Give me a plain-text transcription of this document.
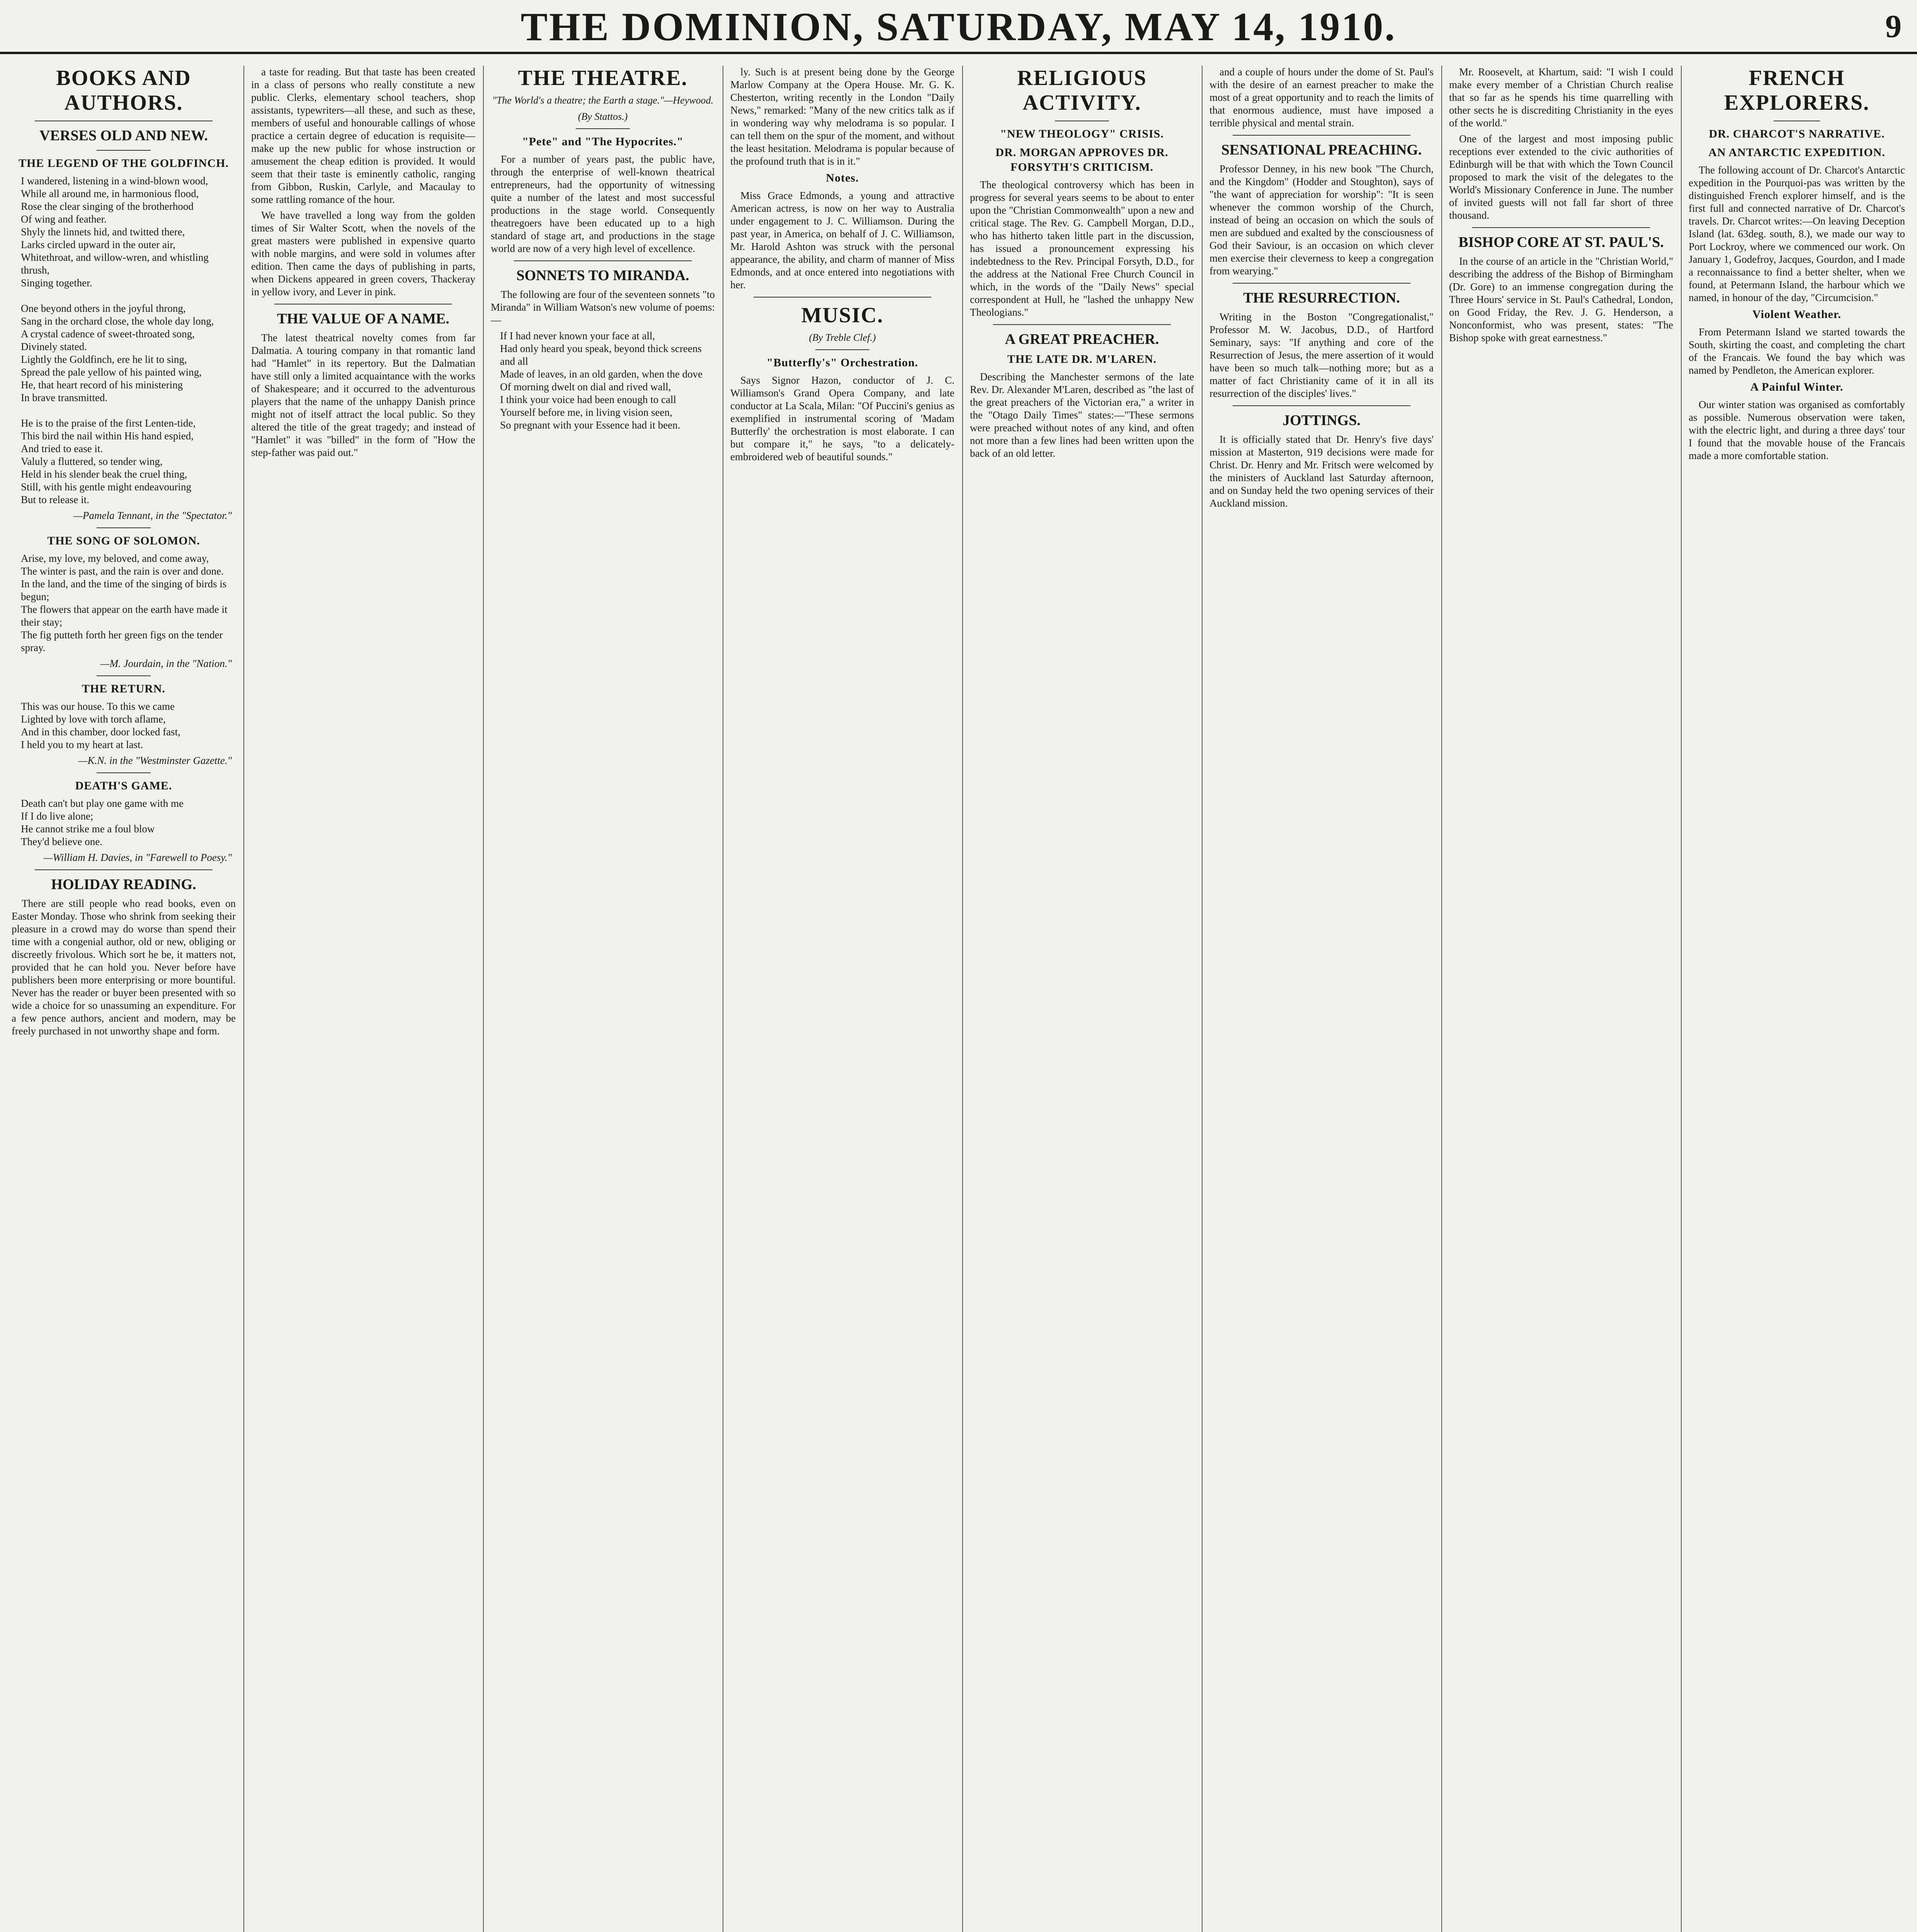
THE DOMINION, SATURDAY, MAY 14, 1910.	9
BOOKS AND AUTHORS.
VERSES OLD AND NEW.
THE LEGEND OF THE GOLDFINCH.
I wandered, listening in a wind-blown wood,
While all around me, in harmonious flood,
Rose the clear singing of the brotherhood
Of wing and feather.
Shyly the linnets hid, and twitted there,
Larks circled upward in the outer air,
Whitethroat, and willow-wren, and whistling thrush,
Singing together.

One beyond others in the joyful throng,
Sang in the orchard close, the whole day long,
A crystal cadence of sweet-throated song,
Divinely stated.
Lightly the Goldfinch, ere he lit to sing,
Spread the pale yellow of his painted wing,
He, that heart record of his ministering
In brave transmitted.

He is to the praise of the first Lenten-tide,
This bird the nail within His hand espied,
And tried to ease it.
Valuly a fluttered, so tender wing,
Held in his slender beak the cruel thing,
Still, with his gentle might endeavouring
But to release it.
—Pamela Tennant, in the "Spectator."
THE SONG OF SOLOMON.
Arise, my love, my beloved, and come away,
The winter is past, and the rain is over and done.
In the land, and the time of the singing of birds is begun;
The flowers that appear on the earth have made it their stay;
The fig putteth forth her green figs on the tender spray.
—M. Jourdain, in the "Nation."
THE RETURN.
This was our house. To this we came
Lighted by love with torch aflame,
And in this chamber, door locked fast,
I held you to my heart at last.
—K.N. in the "Westminster Gazette."
DEATH'S GAME.
Death can't but play one game with me
If I do live alone;
He cannot strike me a foul blow
They'd believe one.
—William H. Davies, in "Farewell to Poesy."
HOLIDAY READING.

There are still people who read books, even on Easter Monday. Those who shrink from seeking their pleasure in a crowd may do worse than spend their time with a congenial author, old or new, obliging or discreetly frivolous. Which sort he be, it matters not, provided that he can hold you. Never before have publishers been more enterprising or more bountiful. Never has the reader or buyer been presented with so wide a choice for so unassuming an expenditure. For a few pence authors, ancient and modern, may be freely purchased in not unworthy shape and form.

a taste for reading. But that taste has been created in a class of persons who really constitute a new public. Clerks, elementary school teachers, shop assistants, typewriters—all these, and such as these, members of useful and honourable callings of whose practice a certain degree of education is requisite—make up the new public for whose instruction or amusement the cheap edition is provided. It would seem that their taste is eminently catholic, ranging from Gibbon, Ruskin, Carlyle, and Macaulay to some rattling romance of the hour.

We have travelled a long way from the golden times of Sir Walter Scott, when the novels of the great masters were published in expensive quarto with noble margins, and were sold in volumes after edition. Then came the days of publishing in parts, when Dickens appeared in green covers, Thackeray in yellow ivory, and Lever in pink.

THE VALUE OF A NAME.

The latest theatrical novelty comes from far Dalmatia. A touring company in that romantic land had "Hamlet" in its repertory. But the Dalmatian have still only a limited acquaintance with the works of Shakespeare; and it occurred to the adventurous players that the name of the unhappy Danish prince might not of itself attract the local public. So they altered the title of the great tragedy; and instead of "Hamlet" it was "billed" in the form of "How the step-father was paid out."

THE THEATRE.
"The World's a theatre; the Earth a stage."—Heywood.
(By Stattos.)
"Pete" and "The Hypocrites."

For a number of years past, the public have, through the enterprise of well-known theatrical entrepreneurs, had the opportunity of witnessing quite a number of the latest and most successful productions in the stage world. Consequently theatregoers have been educated up to a high standard of stage art, and productions in the stage world are now of a very high level of excellence.

SONNETS TO MIRANDA.

The following are four of the seventeen sonnets "to Miranda" in William Watson's new volume of poems:—

If I had never known your face at all,
Had only heard you speak, beyond thick screens and all
Made of leaves, in an old garden, when the dove
Of morning dwelt on dial and rived wall,
I think your voice had been enough to call
Yourself before me, in living vision seen,
So pregnant with your Essence had it been.

ly. Such is at present being done by the George Marlow Company at the Opera House. Mr. G. K. Chesterton, writing recently in the London "Daily News," remarked: "Many of the new critics talk as if in wondering way why melodrama is so popular. I can tell them on the spur of the moment, and without the least hesitation. Melodrama is popular because of the profound truth that is in it."

Notes.

Miss Grace Edmonds, a young and attractive American actress, is now on her way to Australia under engagement to J. C. Williamson. During the past year, in America, on behalf of J. C. Williamson, Mr. Harold Ashton was struck with the personal appearance, the ability, and charm of manner of Miss Edmonds, and at once entered into negotiations with her.

MUSIC.
(By Treble Clef.)
"Butterfly's" Orchestration.

Says Signor Hazon, conductor of J. C. Williamson's Grand Opera Company, and late conductor at La Scala, Milan: "Of Puccini's genius as exemplified in instrumental scoring of 'Madam Butterfly' the orchestration is most elaborate. I can but compare it," he says, "to a delicately-embroidered web of beautiful sounds."

RELIGIOUS ACTIVITY.
"NEW THEOLOGY" CRISIS.
DR. MORGAN APPROVES DR. FORSYTH'S CRITICISM.

The theological controversy which has been in progress for several years seems to be about to enter upon the "Christian Commonwealth" upon a new and critical stage. The Rev. G. Campbell Morgan, D.D., who has hitherto taken little part in the discussion, has issued a pronouncement expressing his indebtedness to the Rev. Principal Forsyth, D.D., for the address at the National Free Church Council in which, in the words of the "Daily News" special correspondent at Hull, he "lashed the unhappy New Theologians."

A GREAT PREACHER.
THE LATE DR. M'LAREN.

Describing the Manchester sermons of the late Rev. Dr. Alexander M'Laren, described as "the last of the great preachers of the Victorian era," a writer in the "Otago Daily Times" states:—"These sermons were preached without notes of any kind, and often not more than a few lines had been written upon the back of an old letter.

and a couple of hours under the dome of St. Paul's with the desire of an earnest preacher to make the most of a great opportunity and to reach the limits of that enormous audience, must have imposed a terrible physical and mental strain.

SENSATIONAL PREACHING.

Professor Denney, in his new book "The Church, and the Kingdom" (Hodder and Stoughton), says of "the want of appreciation for worship": "It is seen whenever the common worship of the Church, instead of being an occasion on which the souls of men are subdued and exalted by the consciousness of God their Saviour, is an occasion on which clever men exercise their cleverness to keep a congregation from wearying."

THE RESURRECTION.

Writing in the Boston "Congregationalist," Professor M. W. Jacobus, D.D., of Hartford Seminary, says: "If anything and core of the Resurrection of Jesus, the mere assertion of it would have been so much talk—nothing more; but as a matter of fact Christianity came of it in all its resurrection of the disciples' lives."

JOTTINGS.

It is officially stated that Dr. Henry's five days' mission at Masterton, 919 decisions were made for Christ. Dr. Henry and Mr. Fritsch were welcomed by the ministers of Auckland last Saturday afternoon, and on Sunday held the two opening services of their Auckland mission.

Mr. Roosevelt, at Khartum, said: "I wish I could make every member of a Christian Church realise that so far as he spends his time quarrelling with other sects he is discrediting Christianity in the eyes of the world."

One of the largest and most imposing public receptions ever extended to the civic authorities of Edinburgh will be that with which the Town Council proposed to mark the visit of the delegates to the World's Missionary Conference in June. The number of invited guests will not fall far short of three thousand.

BISHOP CORE AT ST. PAUL'S.

In the course of an article in the "Christian World," describing the address of the Bishop of Birmingham (Dr. Gore) to an immense congregation during the Three Hours' service in St. Paul's Cathedral, London, on Good Friday, the Rev. J. G. Henderson, a Nonconformist, who was present, states: "The Bishop spoke with great earnestness."

FRENCH EXPLORERS.
DR. CHARCOT'S NARRATIVE.
AN ANTARCTIC EXPEDITION.

The following account of Dr. Charcot's Antarctic expedition in the Pourquoi-pas was written by the distinguished French explorer himself, and is the first full and connected narrative of Dr. Charcot's travels. Dr. Charcot writes:—On leaving Deception Island (lat. 63deg. south, 8.), we made our way to Port Lockroy, where we commenced our work. On January 1, Godefroy, Jacques, Gourdon, and I made a reconnaissance to find a better shelter, when we found, at Petermann Island, the harbour which we named, in honour of the day, "Circumcision."

Violent Weather.

From Petermann Island we started towards the South, skirting the coast, and completing the chart of the Francais. We found the bay which was named by Pendleton, the American explorer.

A Painful Winter.

Our winter station was organised as comfortably as possible. Numerous observation were taken, with the electric light, and during a three days' tour I found that the movable house of the Francais made a more comfortable station.
